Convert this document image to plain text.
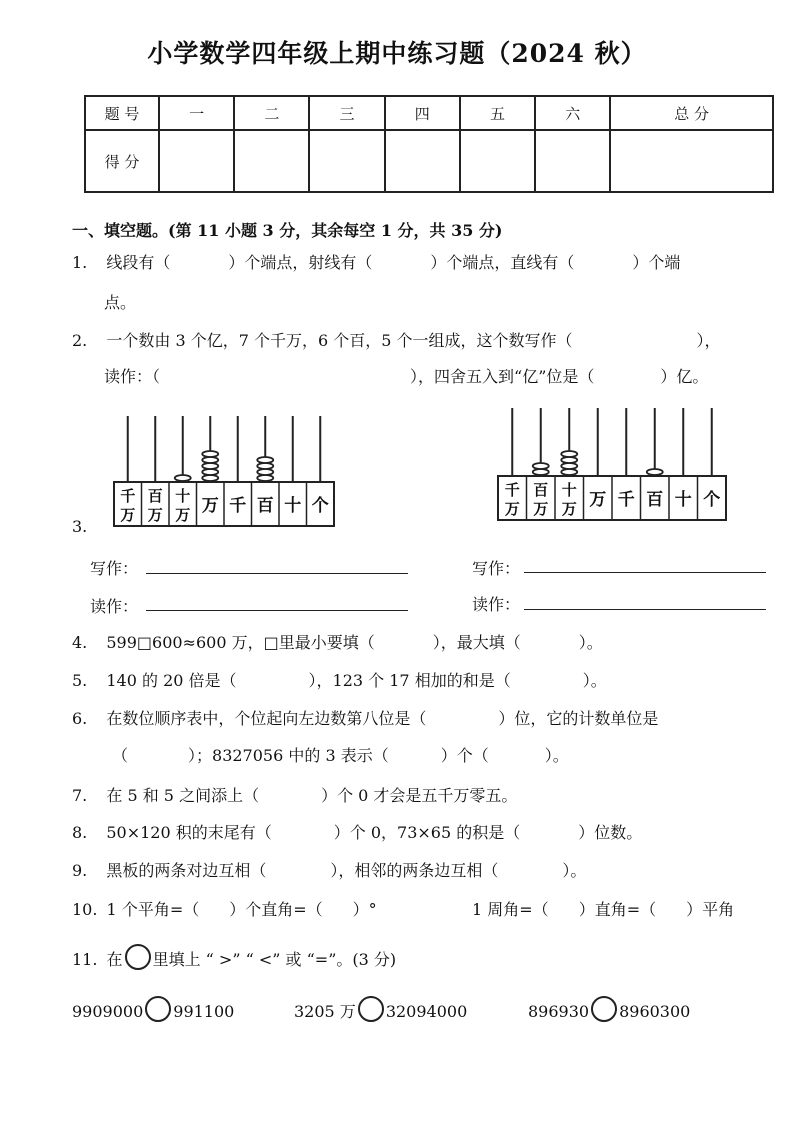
小学数学四年级上期中练习题（2024 秋）
题 号	一	二	三	四	五	六	总 分
得 分							
一、填空题。(第 11 小题 3 分，其余每空 1 分，共 35 分)
1. 线段有（	）个端点，射线有（	）个端点，直线有（	）个端
点。
2. 一个数由 3 个亿，7 个千万，6 个百，5 个一组成，这个数写作（	），
读作：（	），四舍五入到“亿”位是（	）亿。
千
万
百
万
十
万 万 千 百 十 个
千
万
百
万
十
万 万 千 百 十 个
3.
写作：	写作：
读作：	读作：
4. 599□600≈600 万，□里最小要填（	），最大填（	）。
5. 140 的 20 倍是（	），123 个 17 相加的和是（	）。
6. 在数位顺序表中，个位起向左边数第八位是（	）位，它的计数单位是
（	）；8327056 中的 3 表示（	）个（	）。
7. 在 5 和 5 之间添上（	）个 0 才会是五千万零五。
8. 50×120 积的末尾有（	）个 0，73×65 的积是（	）位数。
9. 黑板的两条对边互相（	），相邻的两条边互相（	）。
10. 1 个平角=（ ）个直角=（ ）°	1 周角=（ ）直角=（ ）平角
11. 在 里填上 “ >” “ <” 或 “=”。(3 分)
9909000 991100	3205 万 32094000	896930 8960300
